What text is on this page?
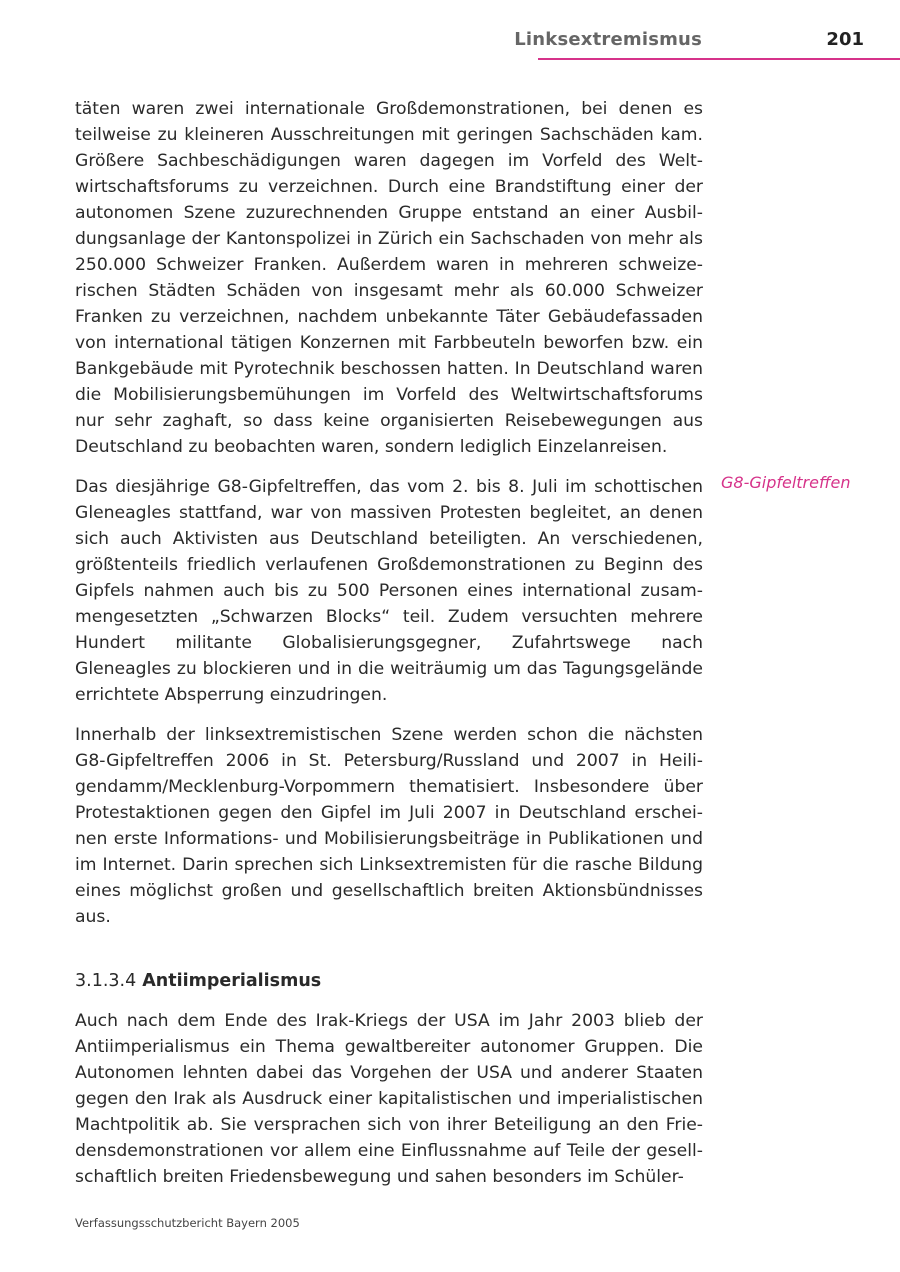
Linksextremismus	201
G8-Gipfeltreffen

täten waren zwei internationale Großdemonstrationen, bei denen es teilweise zu kleineren Ausschreitungen mit geringen Sachschäden kam. Größere Sachbeschädigungen waren dagegen im Vorfeld des Weltwirtschaftsforums zu verzeichnen. Durch eine Brandstiftung einer der autonomen Szene zuzurechnenden Gruppe entstand an einer Ausbildungsanlage der Kantonspolizei in Zürich ein Sachschaden von mehr als 250.000 Schweizer Franken. Außerdem waren in mehreren schweizerischen Städten Schäden von insgesamt mehr als 60.000 Schweizer Franken zu verzeichnen, nachdem unbekannte Täter Gebäudefassaden von international tätigen Konzernen mit Farbbeuteln beworfen bzw. ein Bankgebäude mit Pyrotechnik beschossen hatten. In Deutschland waren die Mobilisierungsbemühungen im Vorfeld des Weltwirtschaftsforums nur sehr zaghaft, so dass keine organisierten Reisebewegungen aus Deutschland zu beobachten waren, sondern lediglich Einzelanreisen.

Das diesjährige G8-Gipfeltreffen, das vom 2. bis 8. Juli im schottischen Gleneagles stattfand, war von massiven Protesten begleitet, an denen sich auch Aktivisten aus Deutschland beteiligten. An verschiedenen, größtenteils friedlich verlaufenen Großdemonstrationen zu Beginn des Gipfels nahmen auch bis zu 500 Personen eines international zusammengesetzten „Schwarzen Blocks“ teil. Zudem versuchten mehrere Hundert militante Globalisierungsgegner, Zufahrtswege nach Gleneagles zu blockieren und in die weiträumig um das Tagungsgelände errichtete Absperrung einzudringen.

Innerhalb der linksextremistischen Szene werden schon die nächsten G8-Gipfeltreffen 2006 in St. Petersburg/Russland und 2007 in Heiligendamm/Mecklenburg-Vorpommern thematisiert. Insbesondere über Protestaktionen gegen den Gipfel im Juli 2007 in Deutschland erscheinen erste Informations- und Mobilisierungsbeiträge in Publikationen und im Internet. Darin sprechen sich Linksextremisten für die rasche Bildung eines möglichst großen und gesellschaftlich breiten Aktionsbündnisses aus.

3.1.3.4 Antiimperialismus

Auch nach dem Ende des Irak-Kriegs der USA im Jahr 2003 blieb der Antiimperialismus ein Thema gewaltbereiter autonomer Gruppen. Die Autonomen lehnten dabei das Vorgehen der USA und anderer Staaten gegen den Irak als Ausdruck einer kapitalistischen und imperialistischen Machtpolitik ab. Sie versprachen sich von ihrer Beteiligung an den Friedensdemonstrationen vor allem eine Einflussnahme auf Teile der gesellschaftlich breiten Friedensbewegung und sahen besonders im Schüler-

Verfassungsschutzbericht Bayern 2005
